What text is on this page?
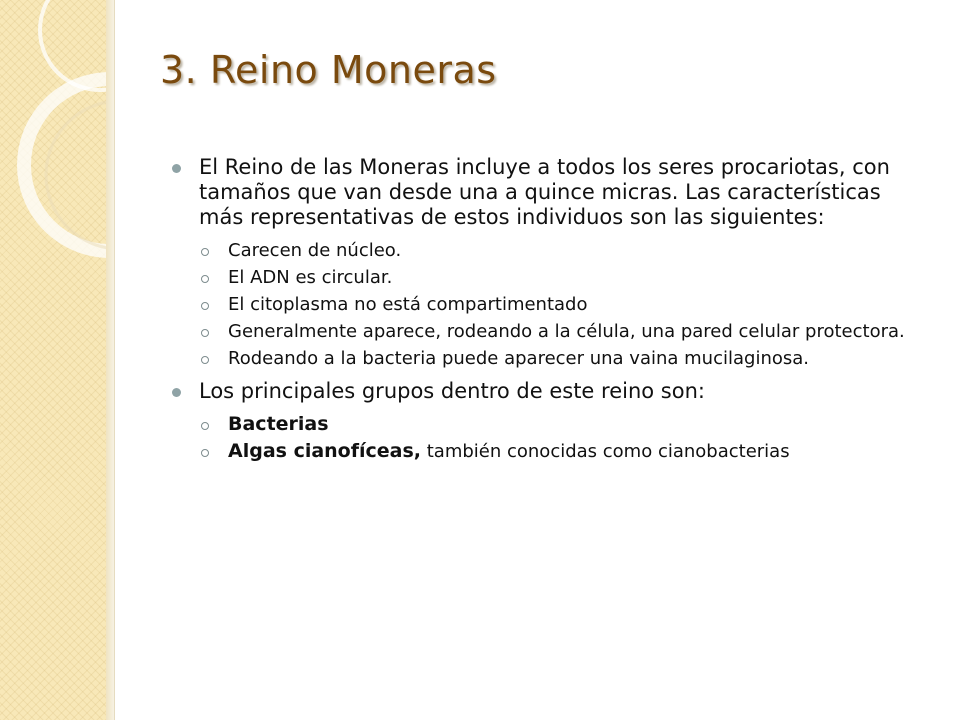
3. Reino Moneras
El Reino de las Moneras incluye a todos los seres procariotas, con tamaños que van desde una a quince micras. Las características más representativas de estos individuos son las siguientes:
Carecen de núcleo.
El ADN es circular.
El citoplasma no está compartimentado
Generalmente aparece, rodeando a la célula, una pared celular protectora.
Rodeando a la bacteria puede aparecer una vaina mucilaginosa.
Los principales grupos dentro de este reino son:
Bacterias
Algas cianofíceas, también conocidas como cianobacterias
